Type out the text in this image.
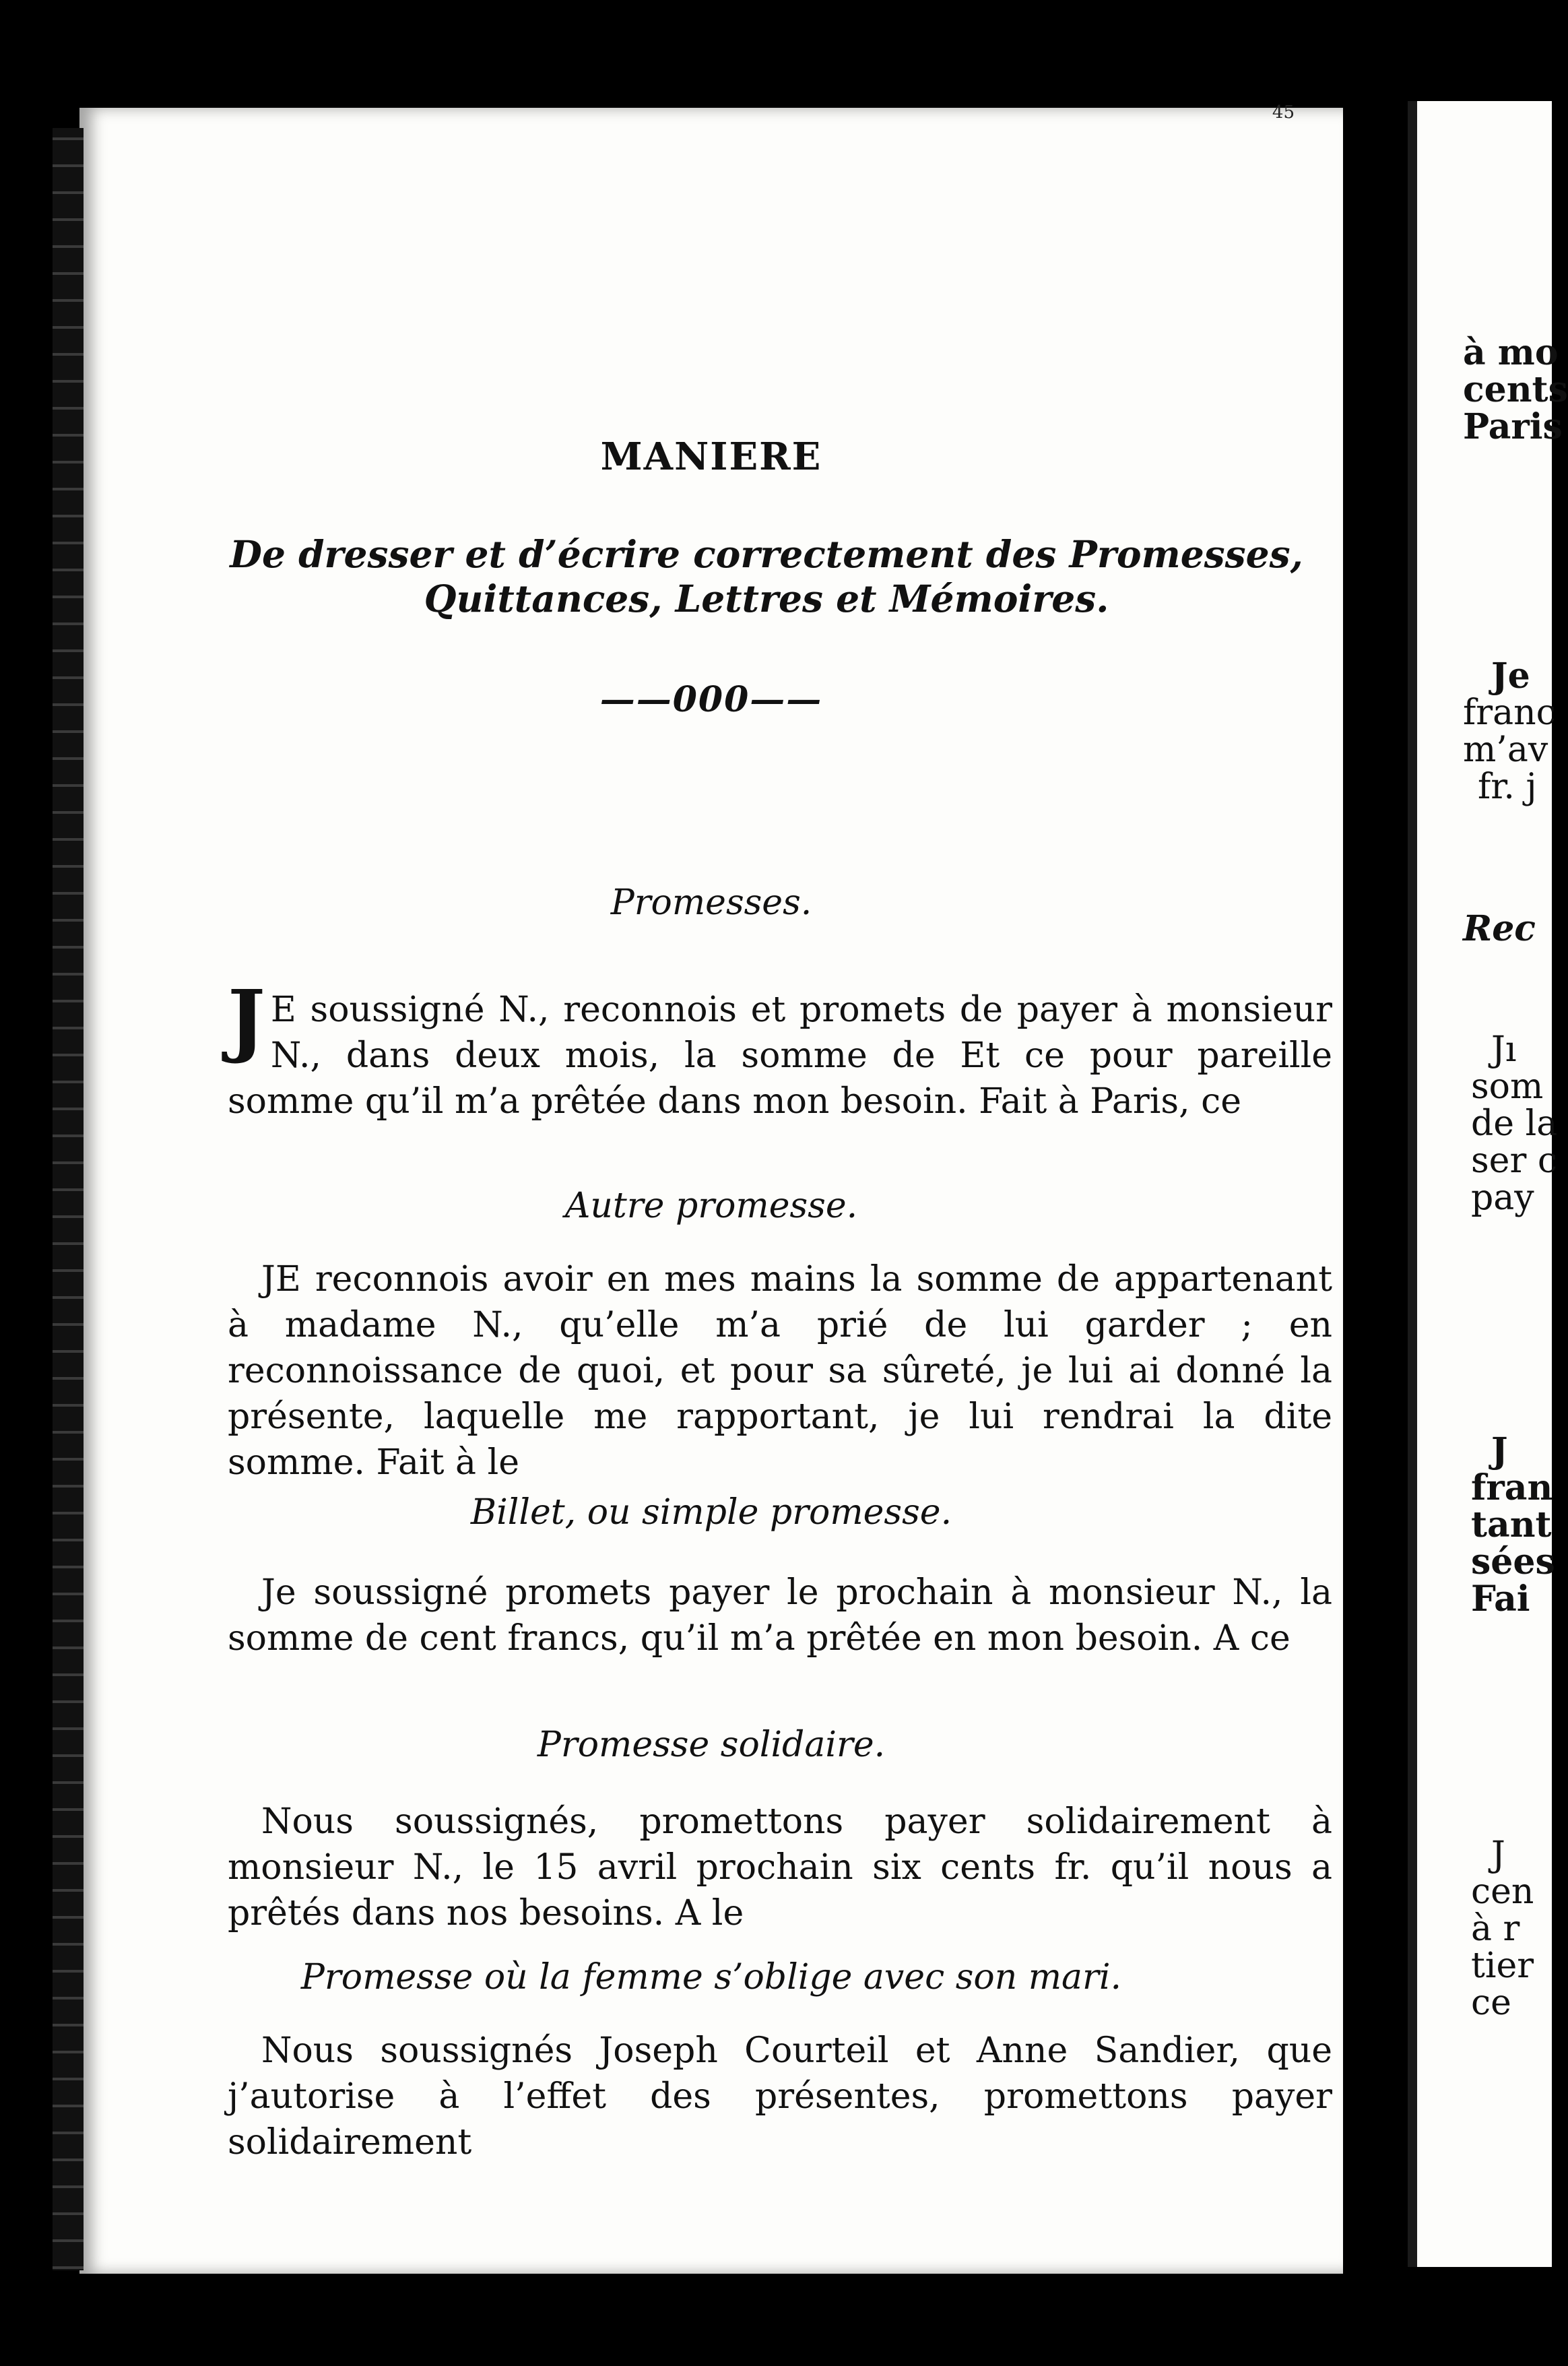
45
MANIERE
De dresser et d’écrire correctement des Promesses, Quittances, Lettres et Mémoires.
——000——
Promesses.
J E soussigné N., reconnois et promets de payer à monsieur N., dans deux mois, la somme de Et ce pour pareille somme qu’il m’a prêtée dans mon besoin. Fait à Paris, ce
Autre promesse.
JE reconnois avoir en mes mains la somme de appartenant à madame N., qu’elle m’a prié de lui garder ; en reconnoissance de quoi, et pour sa sûreté, je lui ai donné la présente, laquelle me rapportant, je lui rendrai la dite somme. Fait à le
Billet, ou simple promesse.
Je soussigné promets payer le prochain à monsieur N., la somme de cent francs, qu’il m’a prêtée en mon besoin. A ce
Promesse solidaire.
Nous soussignés, promettons payer solidairement à monsieur N., le 15 avril prochain six cents fr. qu’il nous a prêtés dans nos besoins. A le
Promesse où la femme s’oblige avec son mari.
Nous soussignés Joseph Courteil et Anne Sandier, que j’autorise à l’effet des présentes, promettons payer solidairement
à mo
cents
Paris
Je
franc
m’av
fr. j
Rec
Jı
som
de la
ser c
pay
J
fran
tant
sées
Fai
J
cen
à r
tier
ce
